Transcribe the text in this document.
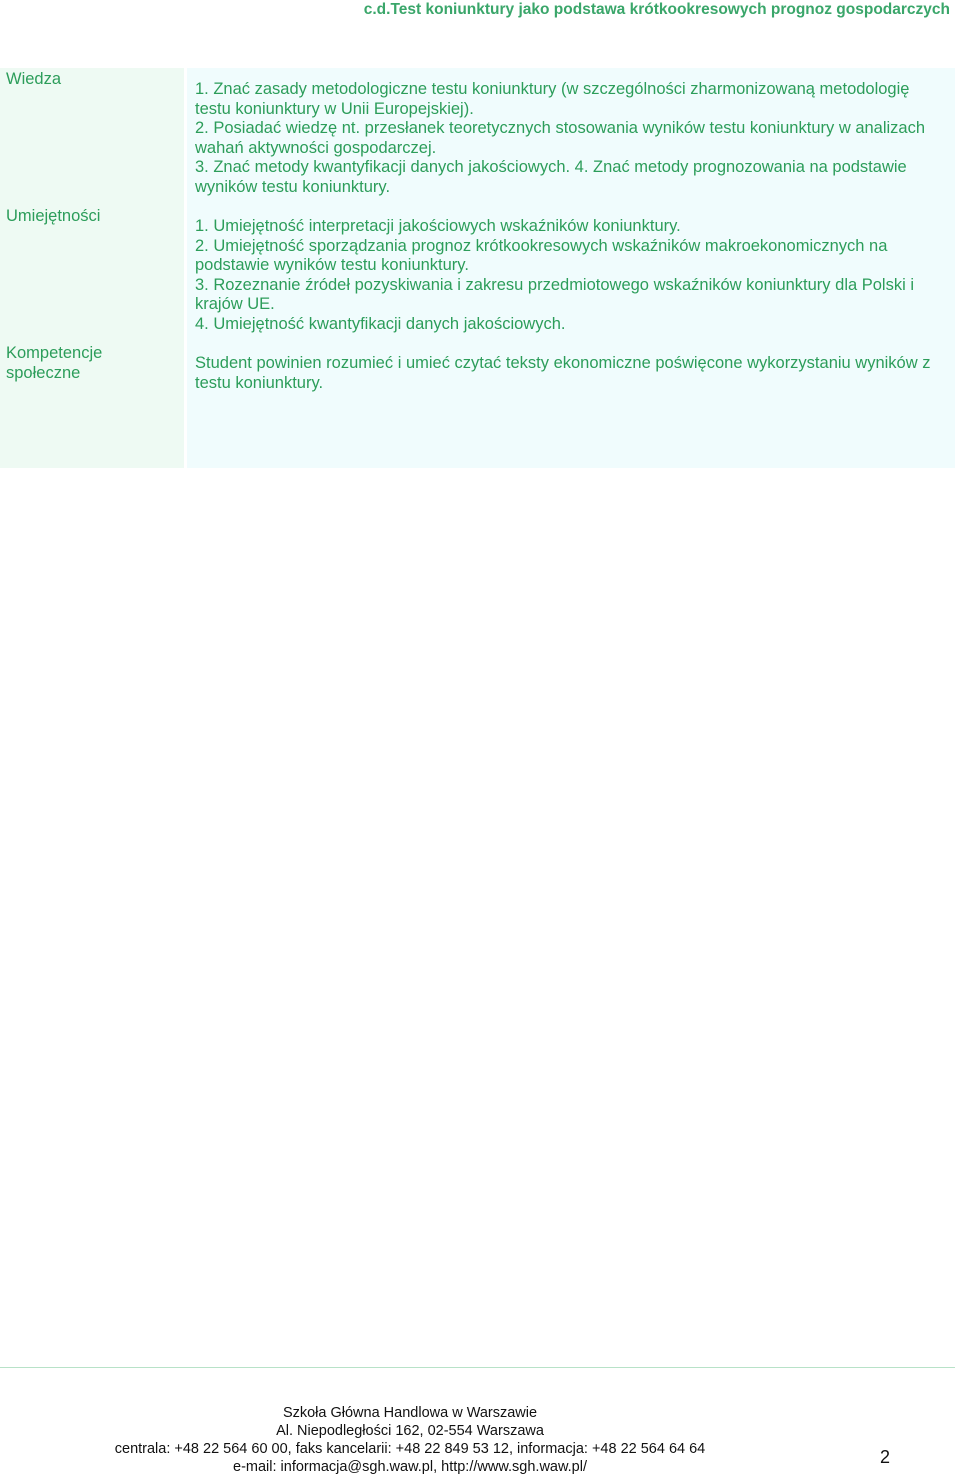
c.d.Test koniunktury jako podstawa krótkookresowych prognoz gospodarczych
Wiedza
Umiejętności
Kompetencje
społeczne

1. Znać zasady metodologiczne testu koniunktury (w szczególności zharmonizowaną metodologię testu koniunktury w Unii Europejskiej).

2. Posiadać wiedzę nt. przesłanek teoretycznych stosowania wyników testu koniunktury w analizach wahań aktywności gospodarczej.

3. Znać metody kwantyfikacji danych jakościowych. 4. Znać metody prognozowania na podstawie wyników testu koniunktury.

1. Umiejętność interpretacji jakościowych wskaźników koniunktury.

2. Umiejętność sporządzania prognoz krótkookresowych wskaźników makroekonomicznych na podstawie wyników testu koniunktury.

3. Rozeznanie źródeł pozyskiwania i zakresu przedmiotowego wskaźników koniunktury dla Polski i krajów UE.

4. Umiejętność kwantyfikacji danych jakościowych.

Student powinien rozumieć i umieć czytać teksty ekonomiczne poświęcone wykorzystaniu wyników z testu koniunktury.

Szkoła Główna Handlowa w Warszawie
Al. Niepodległości 162, 02-554 Warszawa
centrala: +48 22 564 60 00, faks kancelarii: +48 22 849 53 12, informacja: +48 22 564 64 64
e-mail: informacja@sgh.waw.pl, http://www.sgh.waw.pl/	2
